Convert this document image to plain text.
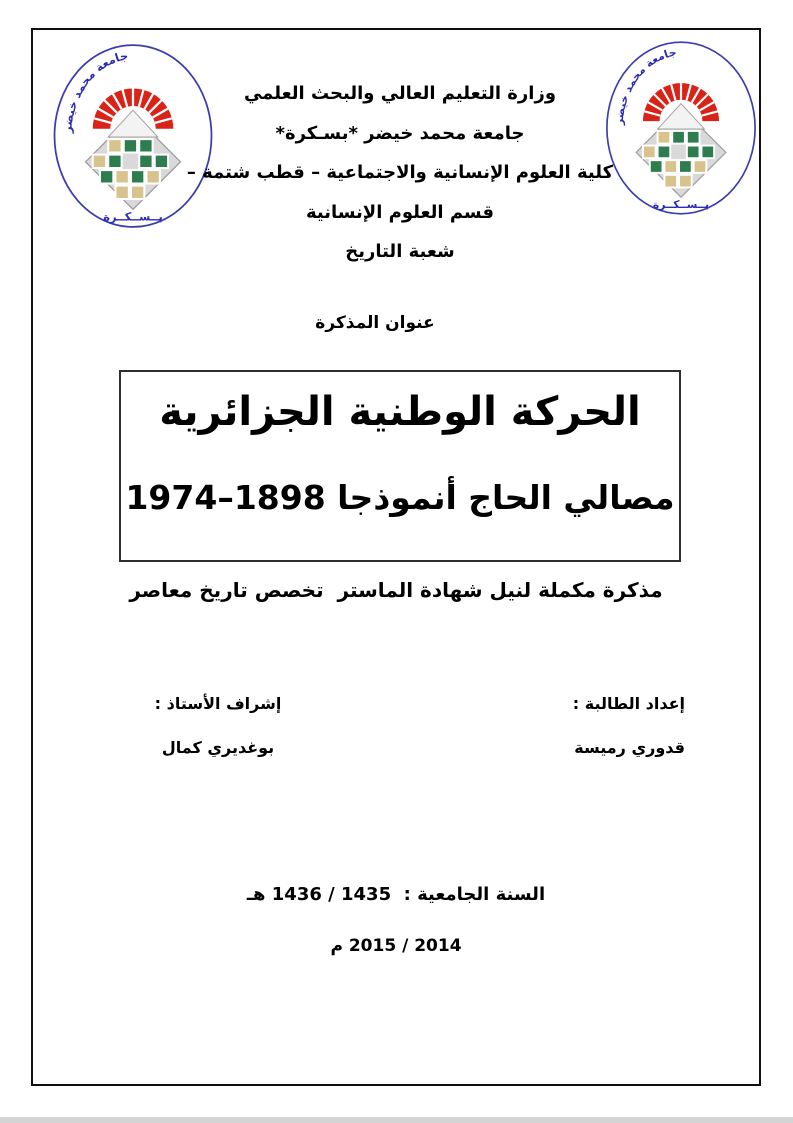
جامعة محمد خيضر
بــســكــرة
وزارة التعليم العالي والبحث العلمي
جامعة محمد خيضر *بسـكرة*
كلية العلوم الإنسانية والاجتماعية – قطب شتمة –
قسم العلوم الإنسانية
شعبة التاريخ
عنوان المذكرة
الحركة الوطنية الجزائرية
مصالي الحاج أنموذجا 1898–1974
مذكرة مكملة لنيل شهادة الماستر  تخصص تاريخ معاصر
إعداد الطالبة :
قدوري رميسة
إشراف الأستاذ :
بوغديري كمال
السنة الجامعية :  1435 / 1436 هـ
2014 / 2015 م
